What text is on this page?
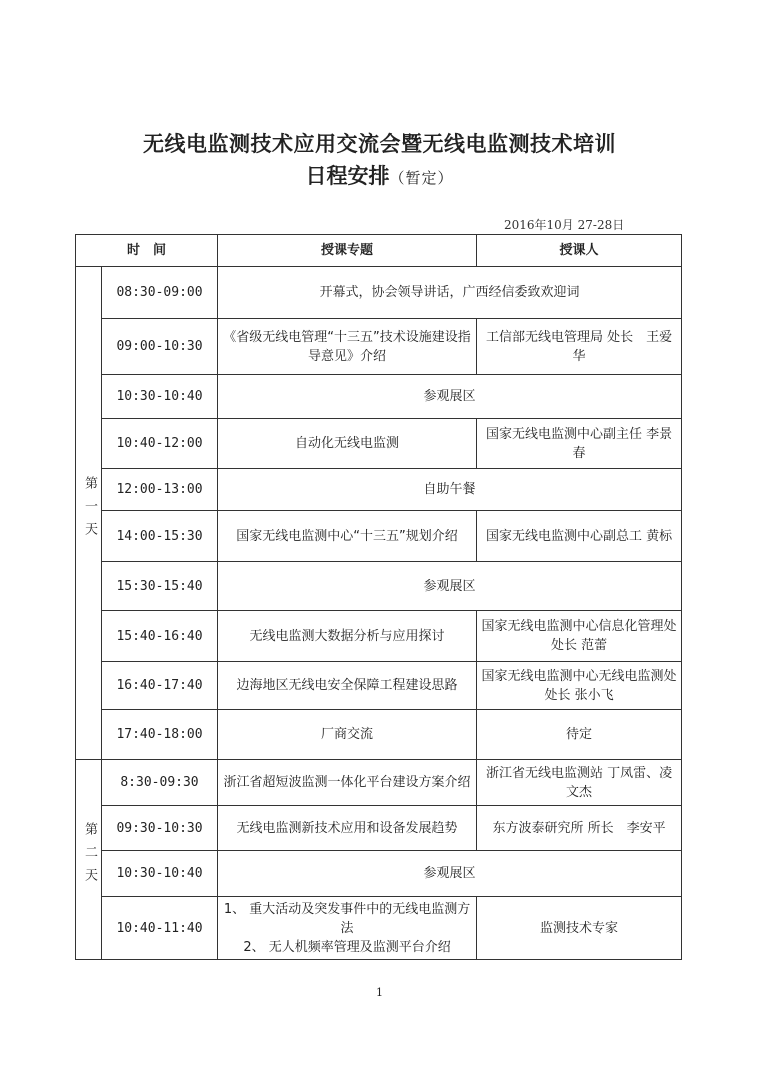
无线电监测技术应用交流会暨无线电监测技术培训
日程安排（暂定）
2016年10月 27-28日
时　间		授课专题	授课人
第一天	08:30-09:00	开幕式，协会领导讲话，广西经信委致欢迎词	
	09:00-10:30	《省级无线电管理“十三五”技术设施建设指导意见》介绍	工信部无线电管理局 处长　王爱华
	10:30-10:40	参观展区	
	10:40-12:00	自动化无线电监测	国家无线电监测中心副主任 李景春
	12:00-13:00	自助午餐	
	14:00-15:30	国家无线电监测中心“十三五”规划介绍	国家无线电监测中心副总工 黄标
	15:30-15:40	参观展区	
	15:40-16:40	无线电监测大数据分析与应用探讨	国家无线电监测中心信息化管理处处长 范蕾
	16:40-17:40	边海地区无线电安全保障工程建设思路	国家无线电监测中心无线电监测处处长 张小飞
	17:40-18:00	厂商交流	待定
第二天	8:30-09:30	浙江省超短波监测一体化平台建设方案介绍	浙江省无线电监测站 丁凤雷、凌文杰
	09:30-10:30	无线电监测新技术应用和设备发展趋势	东方波泰研究所 所长　李安平
	10:30-10:40	参观展区	
	10:40-11:40	1、 重大活动及突发事件中的无线电监测方法
2、 无人机频率管理及监测平台介绍	监测技术专家
1
